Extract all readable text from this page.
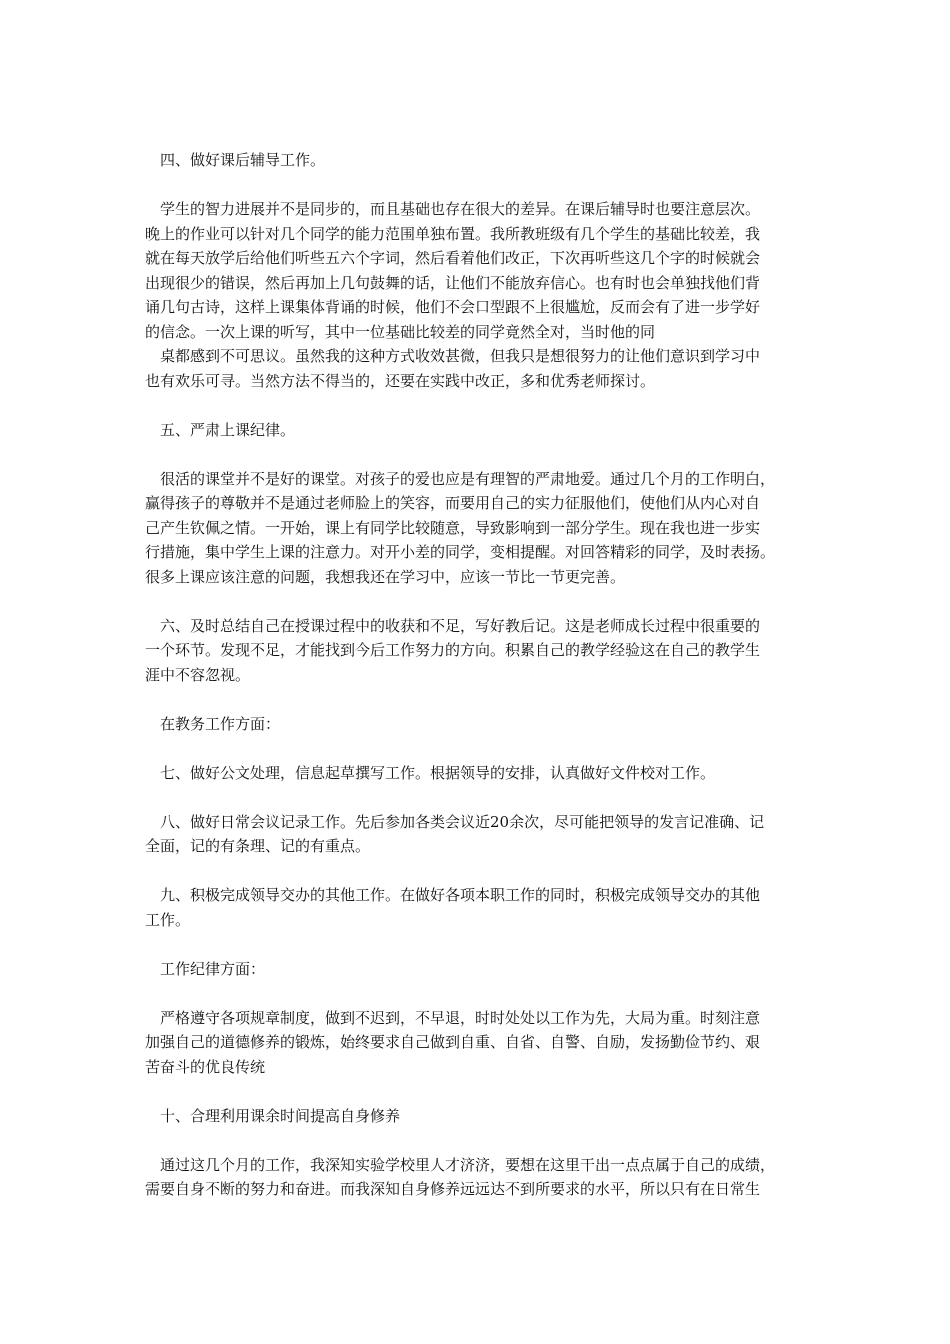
　四、做好课后辅导工作。
　学生的智力进展并不是同步的，而且基础也存在很大的差异。在课后辅导时也要注意层次。
晚上的作业可以针对几个同学的能力范围单独布置。我所教班级有几个学生的基础比较差，我
就在每天放学后给他们听些五六个字词，然后看着他们改正，下次再听些这几个字的时候就会
出现很少的错误，然后再加上几句鼓舞的话，让他们不能放弃信心。也有时也会单独找他们背
诵几句古诗，这样上课集体背诵的时候，他们不会口型跟不上很尴尬，反而会有了进一步学好
的信念。一次上课的听写，其中一位基础比较差的同学竟然全对，当时他的同
　桌都感到不可思议。虽然我的这种方式收效甚微，但我只是想很努力的让他们意识到学习中
也有欢乐可寻。当然方法不得当的，还要在实践中改正，多和优秀老师探讨。
　五、严肃上课纪律。
　很活的课堂并不是好的课堂。对孩子的爱也应是有理智的严肃地爱。通过几个月的工作明白，
赢得孩子的尊敬并不是通过老师脸上的笑容，而要用自己的实力征服他们，使他们从内心对自
己产生钦佩之情。一开始，课上有同学比较随意，导致影响到一部分学生。现在我也进一步实
行措施，集中学生上课的注意力。对开小差的同学，变相提醒。对回答精彩的同学，及时表扬。
很多上课应该注意的问题，我想我还在学习中，应该一节比一节更完善。
　六、及时总结自己在授课过程中的收获和不足，写好教后记。这是老师成长过程中很重要的
一个环节。发现不足，才能找到今后工作努力的方向。积累自己的教学经验这在自己的教学生
涯中不容忽视。
　在教务工作方面：
　七、做好公文处理，信息起草撰写工作。根据领导的安排，认真做好文件校对工作。
　八、做好日常会议记录工作。先后参加各类会议近20余次，尽可能把领导的发言记准确、记
全面，记的有条理、记的有重点。
　九、积极完成领导交办的其他工作。在做好各项本职工作的同时，积极完成领导交办的其他
工作。
　工作纪律方面：
　严格遵守各项规章制度，做到不迟到，不早退，时时处处以工作为先，大局为重。时刻注意
加强自己的道德修养的锻炼，始终要求自己做到自重、自省、自警、自励，发扬勤俭节约、艰
苦奋斗的优良传统
　十、合理利用课余时间提高自身修养
　通过这几个月的工作，我深知实验学校里人才济济，要想在这里干出一点点属于自己的成绩，
需要自身不断的努力和奋进。而我深知自身修养远远达不到所要求的水平，所以只有在日常生
